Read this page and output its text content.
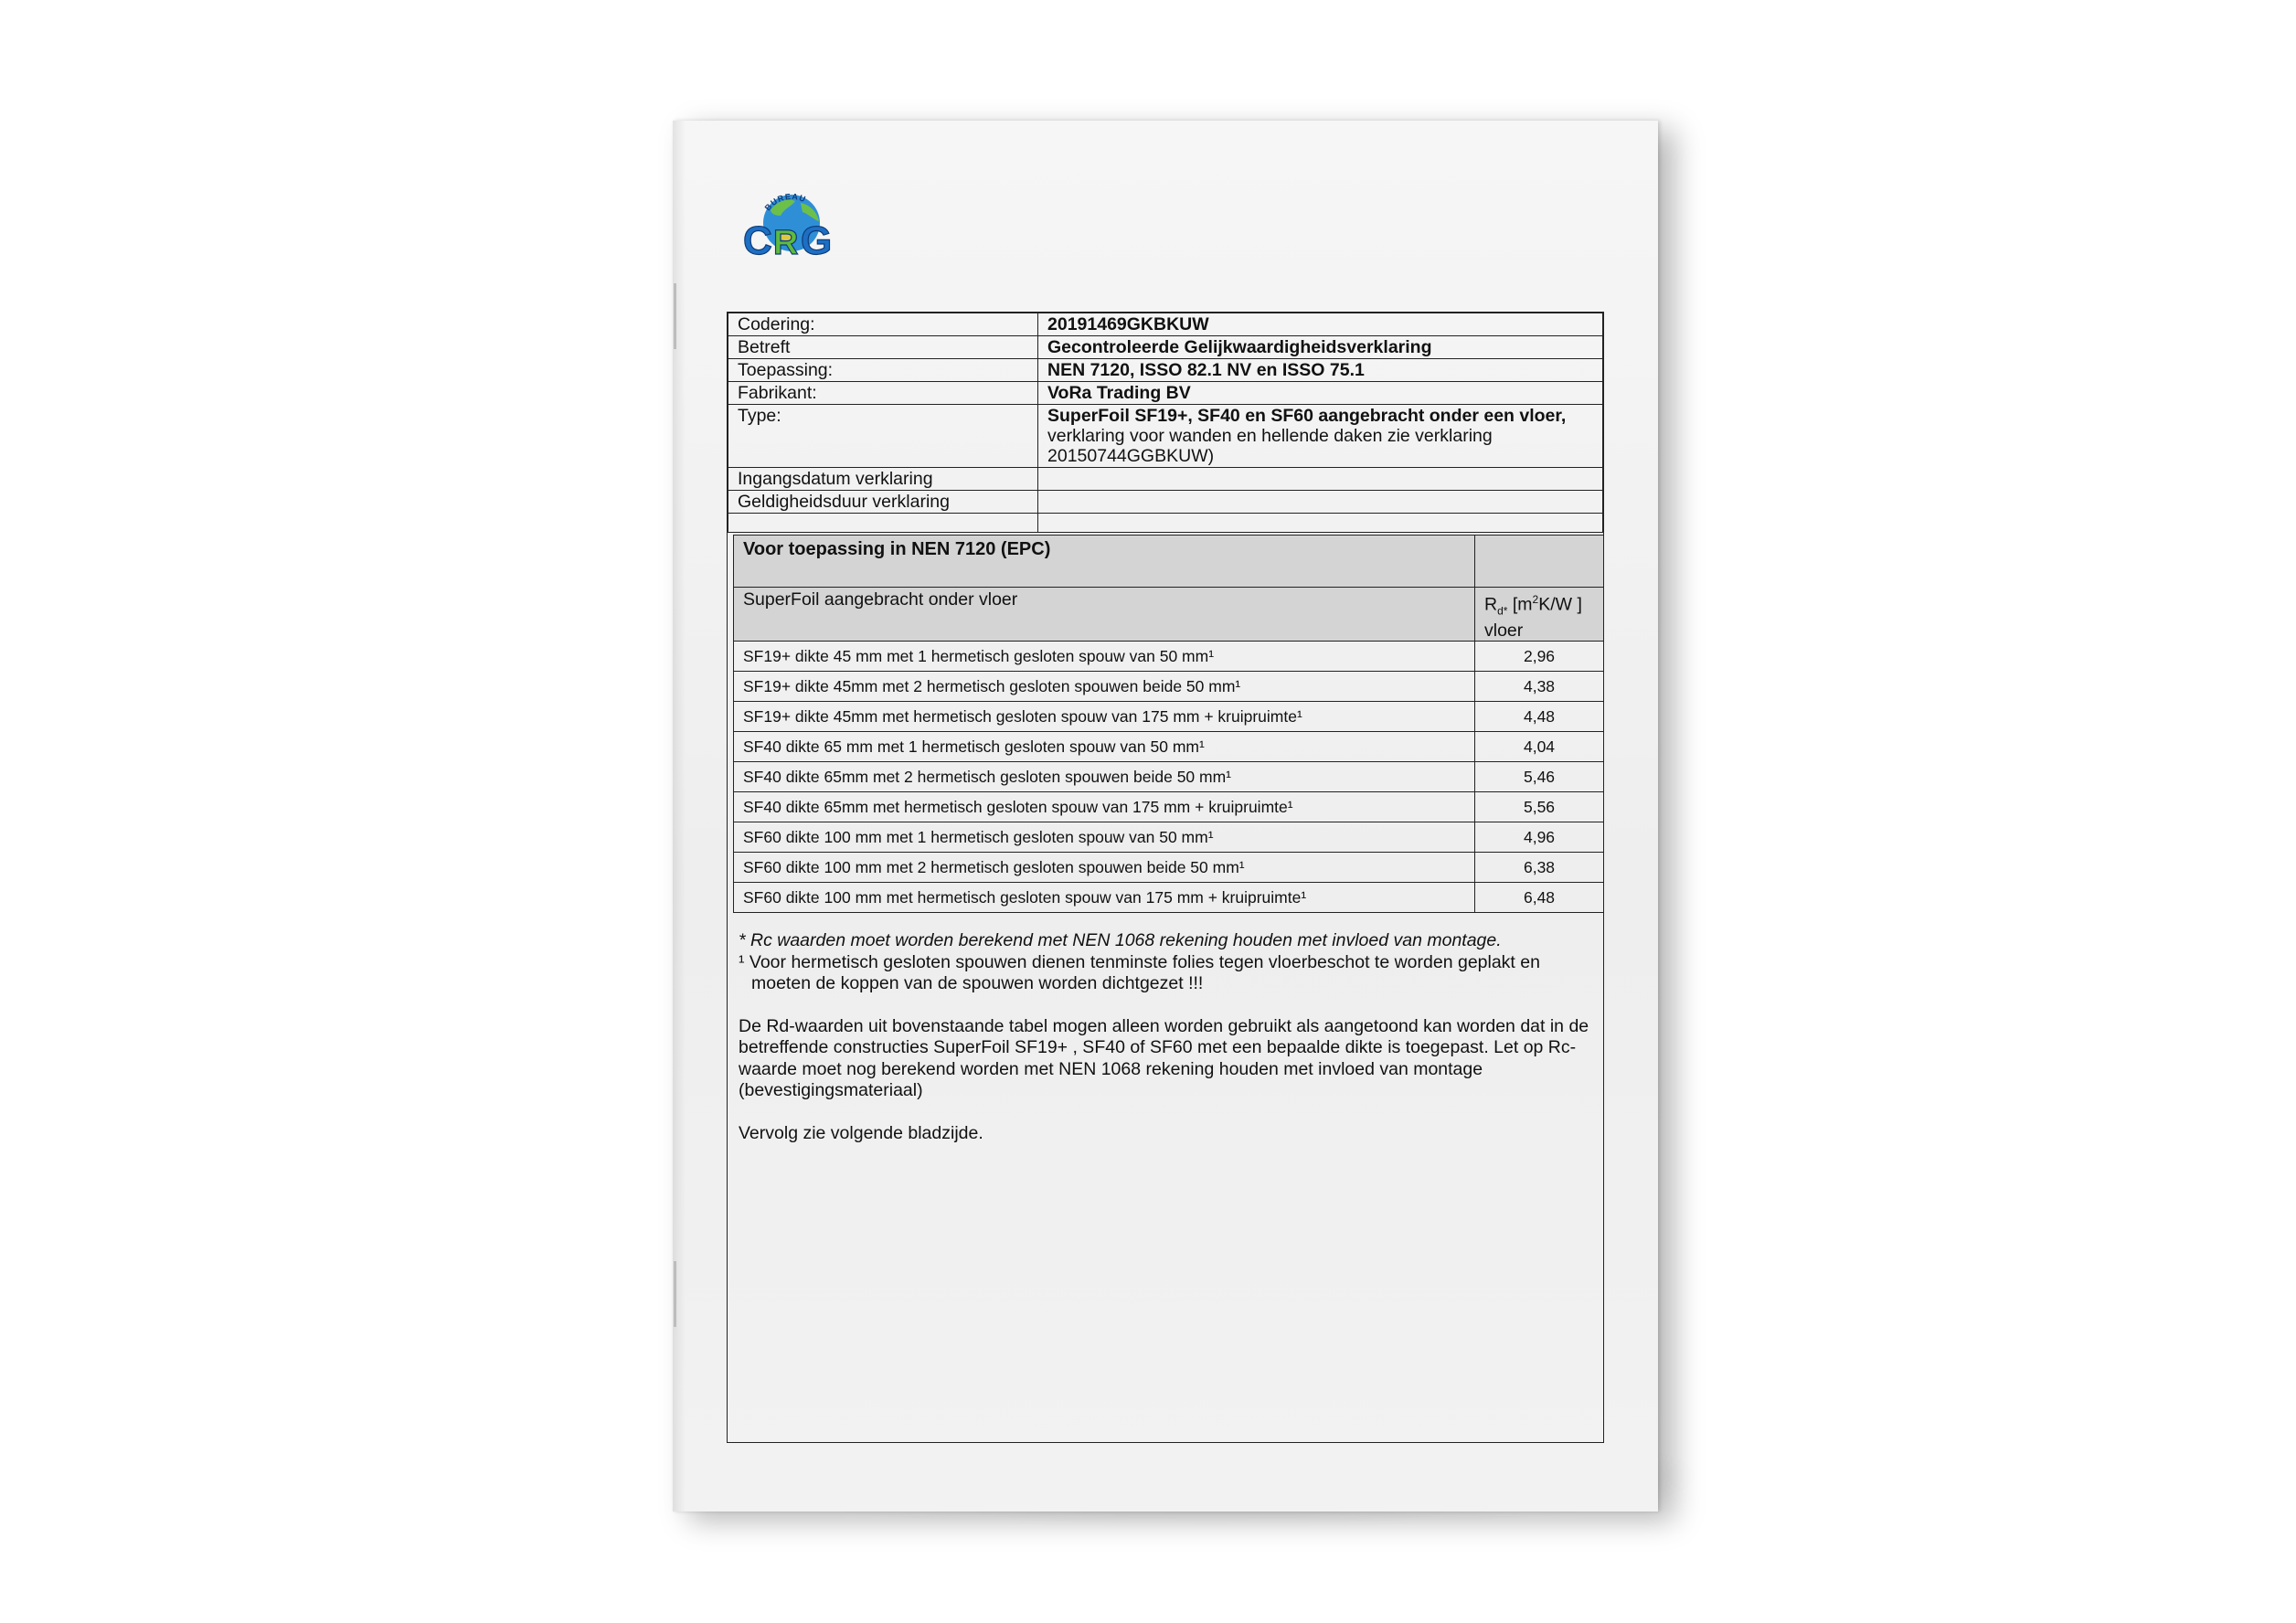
BUREAU
C R G
Codering:	20191469GKBKUW
Betreft	Gecontroleerde Gelijkwaardigheidsverklaring
Toepassing:	NEN 7120, ISSO 82.1 NV en ISSO 75.1
Fabrikant:	VoRa Trading BV
Type:	SuperFoil SF19+, SF40 en SF60 aangebracht onder een vloer, verklaring voor wanden en hellende daken zie verklaring 20150744GGBKUW)
Ingangsdatum verklaring	
Geldigheidsduur verklaring	

Voor toepassing in NEN 7120 (EPC)	
SuperFoil aangebracht onder vloer	$R_{d*}$ [$m^2K/W$ ]
vloer
SF19+ dikte 45 mm met 1 hermetisch gesloten spouw van 50 mm¹	2,96
SF19+ dikte 45mm met 2 hermetisch gesloten spouwen beide 50 mm¹	4,38
SF19+ dikte 45mm met hermetisch gesloten spouw van 175 mm + kruipruimte¹	4,48
SF40 dikte 65 mm met 1 hermetisch gesloten spouw van 50 mm¹	4,04
SF40 dikte 65mm met 2 hermetisch gesloten spouwen beide 50 mm¹	5,46
SF40 dikte 65mm met hermetisch gesloten spouw van 175 mm + kruipruimte¹	5,56
SF60 dikte 100 mm met 1 hermetisch gesloten spouw van 50 mm¹	4,96
SF60 dikte 100 mm met 2 hermetisch gesloten spouwen beide 50 mm¹	6,38
SF60 dikte 100 mm met hermetisch gesloten spouw van 175 mm + kruipruimte¹	6,48

* Rc waarden moet worden berekend met NEN 1068 rekening houden met invloed van montage.

¹ Voor hermetisch gesloten spouwen dienen tenminste folies tegen vloerbeschot te worden geplakt en moeten de koppen van de spouwen worden dichtgezet !!!

De Rd-waarden uit bovenstaande tabel mogen alleen worden gebruikt als aangetoond kan worden dat in de betreffende constructies SuperFoil SF19+ , SF40 of SF60 met een bepaalde dikte is toegepast. Let op Rc-waarde moet nog berekend worden met NEN 1068 rekening houden met invloed van montage (bevestigingsmateriaal)

Vervolg zie volgende bladzijde.
